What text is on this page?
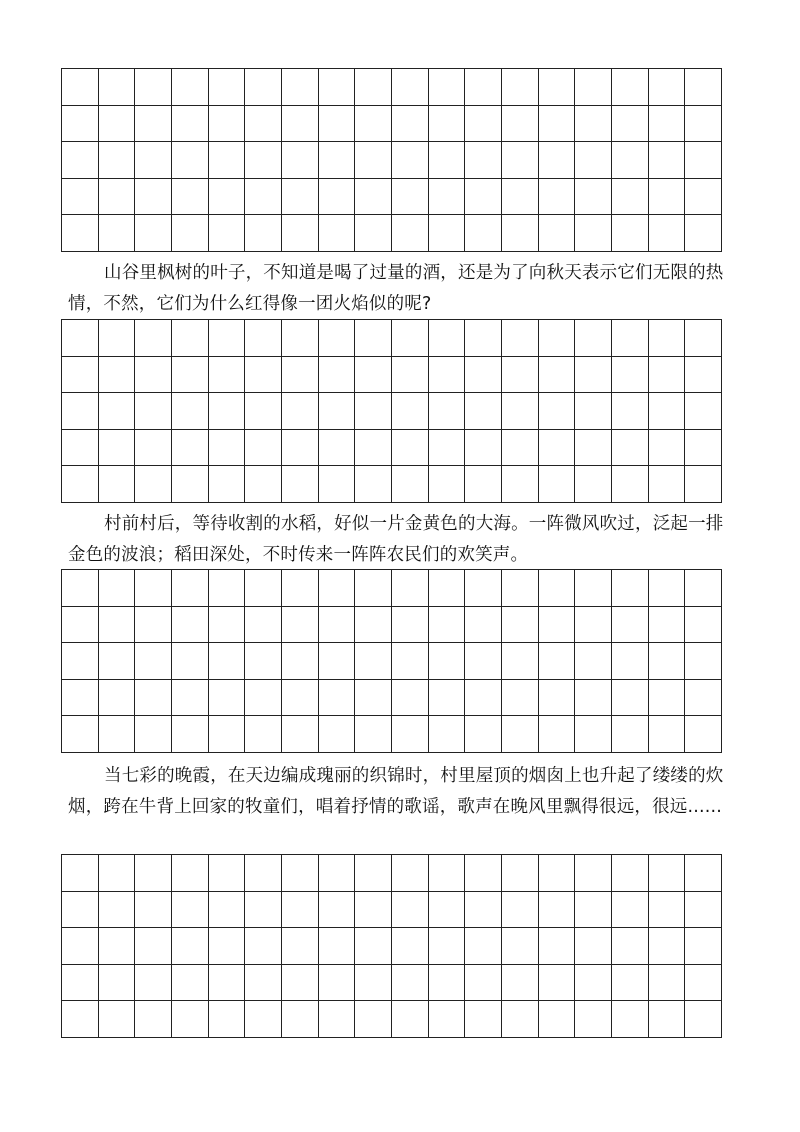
山谷里枫树的叶子，不知道是喝了过量的酒，还是为了向秋天表示它们无限的热情，不然，它们为什么红得像一团火焰似的呢?

村前村后，等待收割的水稻，好似一片金黄色的大海。一阵微风吹过，泛起一排金色的波浪；稻田深处，不时传来一阵阵农民们的欢笑声。

当七彩的晚霞，在天边编成瑰丽的织锦时，村里屋顶的烟囱上也升起了缕缕的炊烟，跨在牛背上回家的牧童们，唱着抒情的歌谣，歌声在晚风里飘得很远，很远......
